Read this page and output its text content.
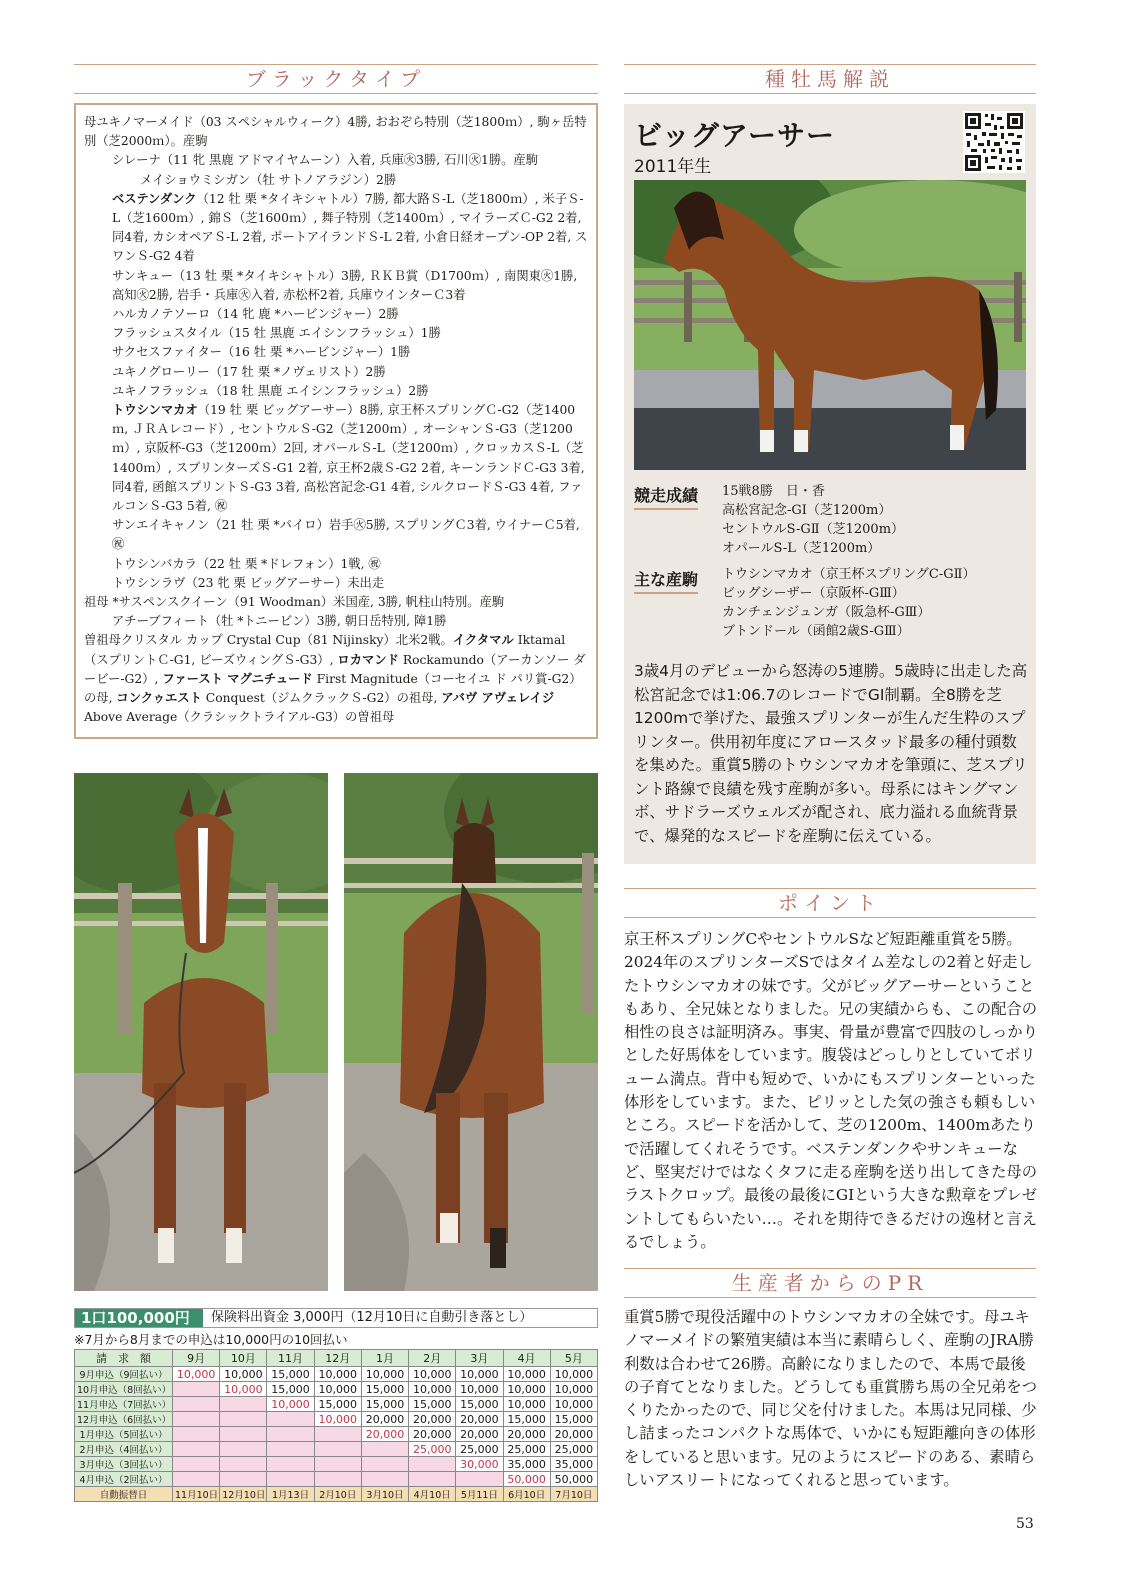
ブラックタイプ	種牡馬解説
母ユキノマーメイド（03 スペシャルウィーク）4勝, おおぞら特別（芝1800ｍ）, 駒ヶ岳特別（芝2000ｍ）。産駒
シレーナ（11 牝 黒鹿 アドマイヤムーン）入着, 兵庫㊋3勝, 石川㊋1勝。産駒
メイショウミシガン（牡 サトノアラジン）2勝
ベステンダンク（12 牡 栗 *タイキシャトル）7勝, 都大路Ｓ-L（芝1800ｍ）, 米子Ｓ-L（芝1600ｍ）, 錦Ｓ（芝1600ｍ）, 舞子特別（芝1400ｍ）, マイラーズＣ-G2 2着, 同4着, カシオペアＳ-L 2着, ポートアイランドＳ-L 2着, 小倉日経オープン-OP 2着, スワンＳ-G2 4着
サンキュー（13 牡 栗 *タイキシャトル）3勝, ＲＫＢ賞（D1700ｍ）, 南関東㊋1勝, 高知㊋2勝, 岩手・兵庫㊋入着, 赤松杯2着, 兵庫ウインターＣ3着
ハルカノテソーロ（14 牝 鹿 *ハービンジャー）2勝
フラッシュスタイル（15 牡 黒鹿 エイシンフラッシュ）1勝
サクセスファイター（16 牡 栗 *ハービンジャー）1勝
ユキノグローリー（17 牡 栗 *ノヴェリスト）2勝
ユキノフラッシュ（18 牡 黒鹿 エイシンフラッシュ）2勝
トウシンマカオ（19 牡 栗 ビッグアーサー）8勝, 京王杯スプリングＣ-G2（芝1400ｍ, ＪＲＡレコード）, セントウルＳ-G2（芝1200ｍ）, オーシャンＳ-G3（芝1200ｍ）, 京阪杯-G3（芝1200ｍ）2回, オパールＳ-L（芝1200ｍ）, クロッカスＳ-L（芝1400ｍ）, スプリンターズＳ-G1 2着, 京王杯2歳Ｓ-G2 2着, キーンランドＣ-G3 3着, 同4着, 函館スプリントＳ-G3 3着, 高松宮記念-G1 4着, シルクロードＳ-G3 4着, ファルコンＳ-G3 5着, ㊗
サンエイキャノン（21 牡 栗 *パイロ）岩手㊋5勝, スプリングＣ3着, ウイナーＣ5着, ㊗
トウシンバカラ（22 牡 栗 *ドレフォン）1戦, ㊗
トウシンラヴ（23 牝 栗 ビッグアーサー）未出走
祖母 *サスペンスクイーン（91 Woodman）米国産, 3勝, 帆柱山特別。産駒
アチーブフィート（牡 *トニービン）3勝, 朝日岳特別, 障1勝
曽祖母クリスタル カップ Crystal Cup（81 Nijinsky）北米2戦。イクタマル Iktamal（スプリントＣ-G1, ビーズウィングＳ-G3）, ロカマンド Rockamundo（アーカンソー ダービー-G2）, ファースト マグニチュード First Magnitude（コーセイユ ド パリ賞-G2）の母, コンクゥエスト Conquest（ジムクラックＳ-G2）の祖母, アバヴ アヴェレイジ Above Average（クラシックトライアル-G3）の曽祖母
1口100,000円	保険料出資金 3,000円（12月10日に自動引き落とし）
※7月から8月までの申込は10,000円の10回払い
請　求　額	9月	10月	11月	12月	1月	2月	3月	4月	5月
9月申込（9回払い）	10,000	10,000	15,000	10,000	10,000	10,000	10,000	10,000	10,000
10月申込（8回払い）		10,000	15,000	10,000	15,000	10,000	10,000	10,000	10,000
11月申込（7回払い）			10,000	15,000	15,000	15,000	15,000	10,000	10,000
12月申込（6回払い）				10,000	20,000	20,000	20,000	15,000	15,000
1月申込（5回払い）					20,000	20,000	20,000	20,000	20,000
2月申込（4回払い）						25,000	25,000	25,000	25,000
3月申込（3回払い）							30,000	35,000	35,000
4月申込（2回払い）								50,000	50,000
自動振替日	11月10日	12月10日	1月13日	2月10日	3月10日	4月10日	5月11日	6月10日	7月10日
ビッグアーサー
2011年生
競走成績 15戦8勝　日・香
高松宮記念-GⅠ（芝1200m）
セントウルS-GⅡ（芝1200m）
オパールS-L（芝1200m）
主な産駒 トウシンマカオ（京王杯スプリングC-GⅡ）
ビッグシーザー（京阪杯-GⅢ）
カンチェンジュンガ（阪急杯-GⅢ）
ブトンドール（函館2歳S-GⅢ）
3歳4月のデビューから怒涛の5連勝。5歳時に出走した高松宮記念では1:06.7のレコードでGⅠ制覇。全8勝を芝1200mで挙げた、最強スプリンターが生んだ生粋のスプリンター。供用初年度にアロースタッド最多の種付頭数を集めた。重賞5勝のトウシンマカオを筆頭に、芝スプリント路線で良績を残す産駒が多い。母系にはキングマンボ、サドラーズウェルズが配され、底力溢れる血統背景で、爆発的なスピードを産駒に伝えている。
ポイント
京王杯スプリングCやセントウルSなど短距離重賞を5勝。2024年のスプリンターズSではタイム差なしの2着と好走したトウシンマカオの妹です。父がビッグアーサーということもあり、全兄妹となりました。兄の実績からも、この配合の相性の良さは証明済み。事実、骨量が豊富で四肢のしっかりとした好馬体をしています。腹袋はどっしりとしていてボリューム満点。背中も短めで、いかにもスプリンターといった体形をしています。また、ピリッとした気の強さも頼もしいところ。スピードを活かして、芝の1200m、1400mあたりで活躍してくれそうです。ベステンダンクやサンキューなど、堅実だけではなくタフに走る産駒を送り出してきた母のラストクロップ。最後の最後にGⅠという大きな勲章をプレゼントしてもらいたい…。それを期待できるだけの逸材と言えるでしょう。
生産者からのPR
重賞5勝で現役活躍中のトウシンマカオの全妹です。母ユキノマーメイドの繁殖実績は本当に素晴らしく、産駒のJRA勝利数は合わせて26勝。高齢になりましたので、本馬で最後の子育てとなりました。どうしても重賞勝ち馬の全兄弟をつくりたかったので、同じ父を付けました。本馬は兄同様、少し詰まったコンパクトな馬体で、いかにも短距離向きの体形をしていると思います。兄のようにスピードのある、素晴らしいアスリートになってくれると思っています。
53
